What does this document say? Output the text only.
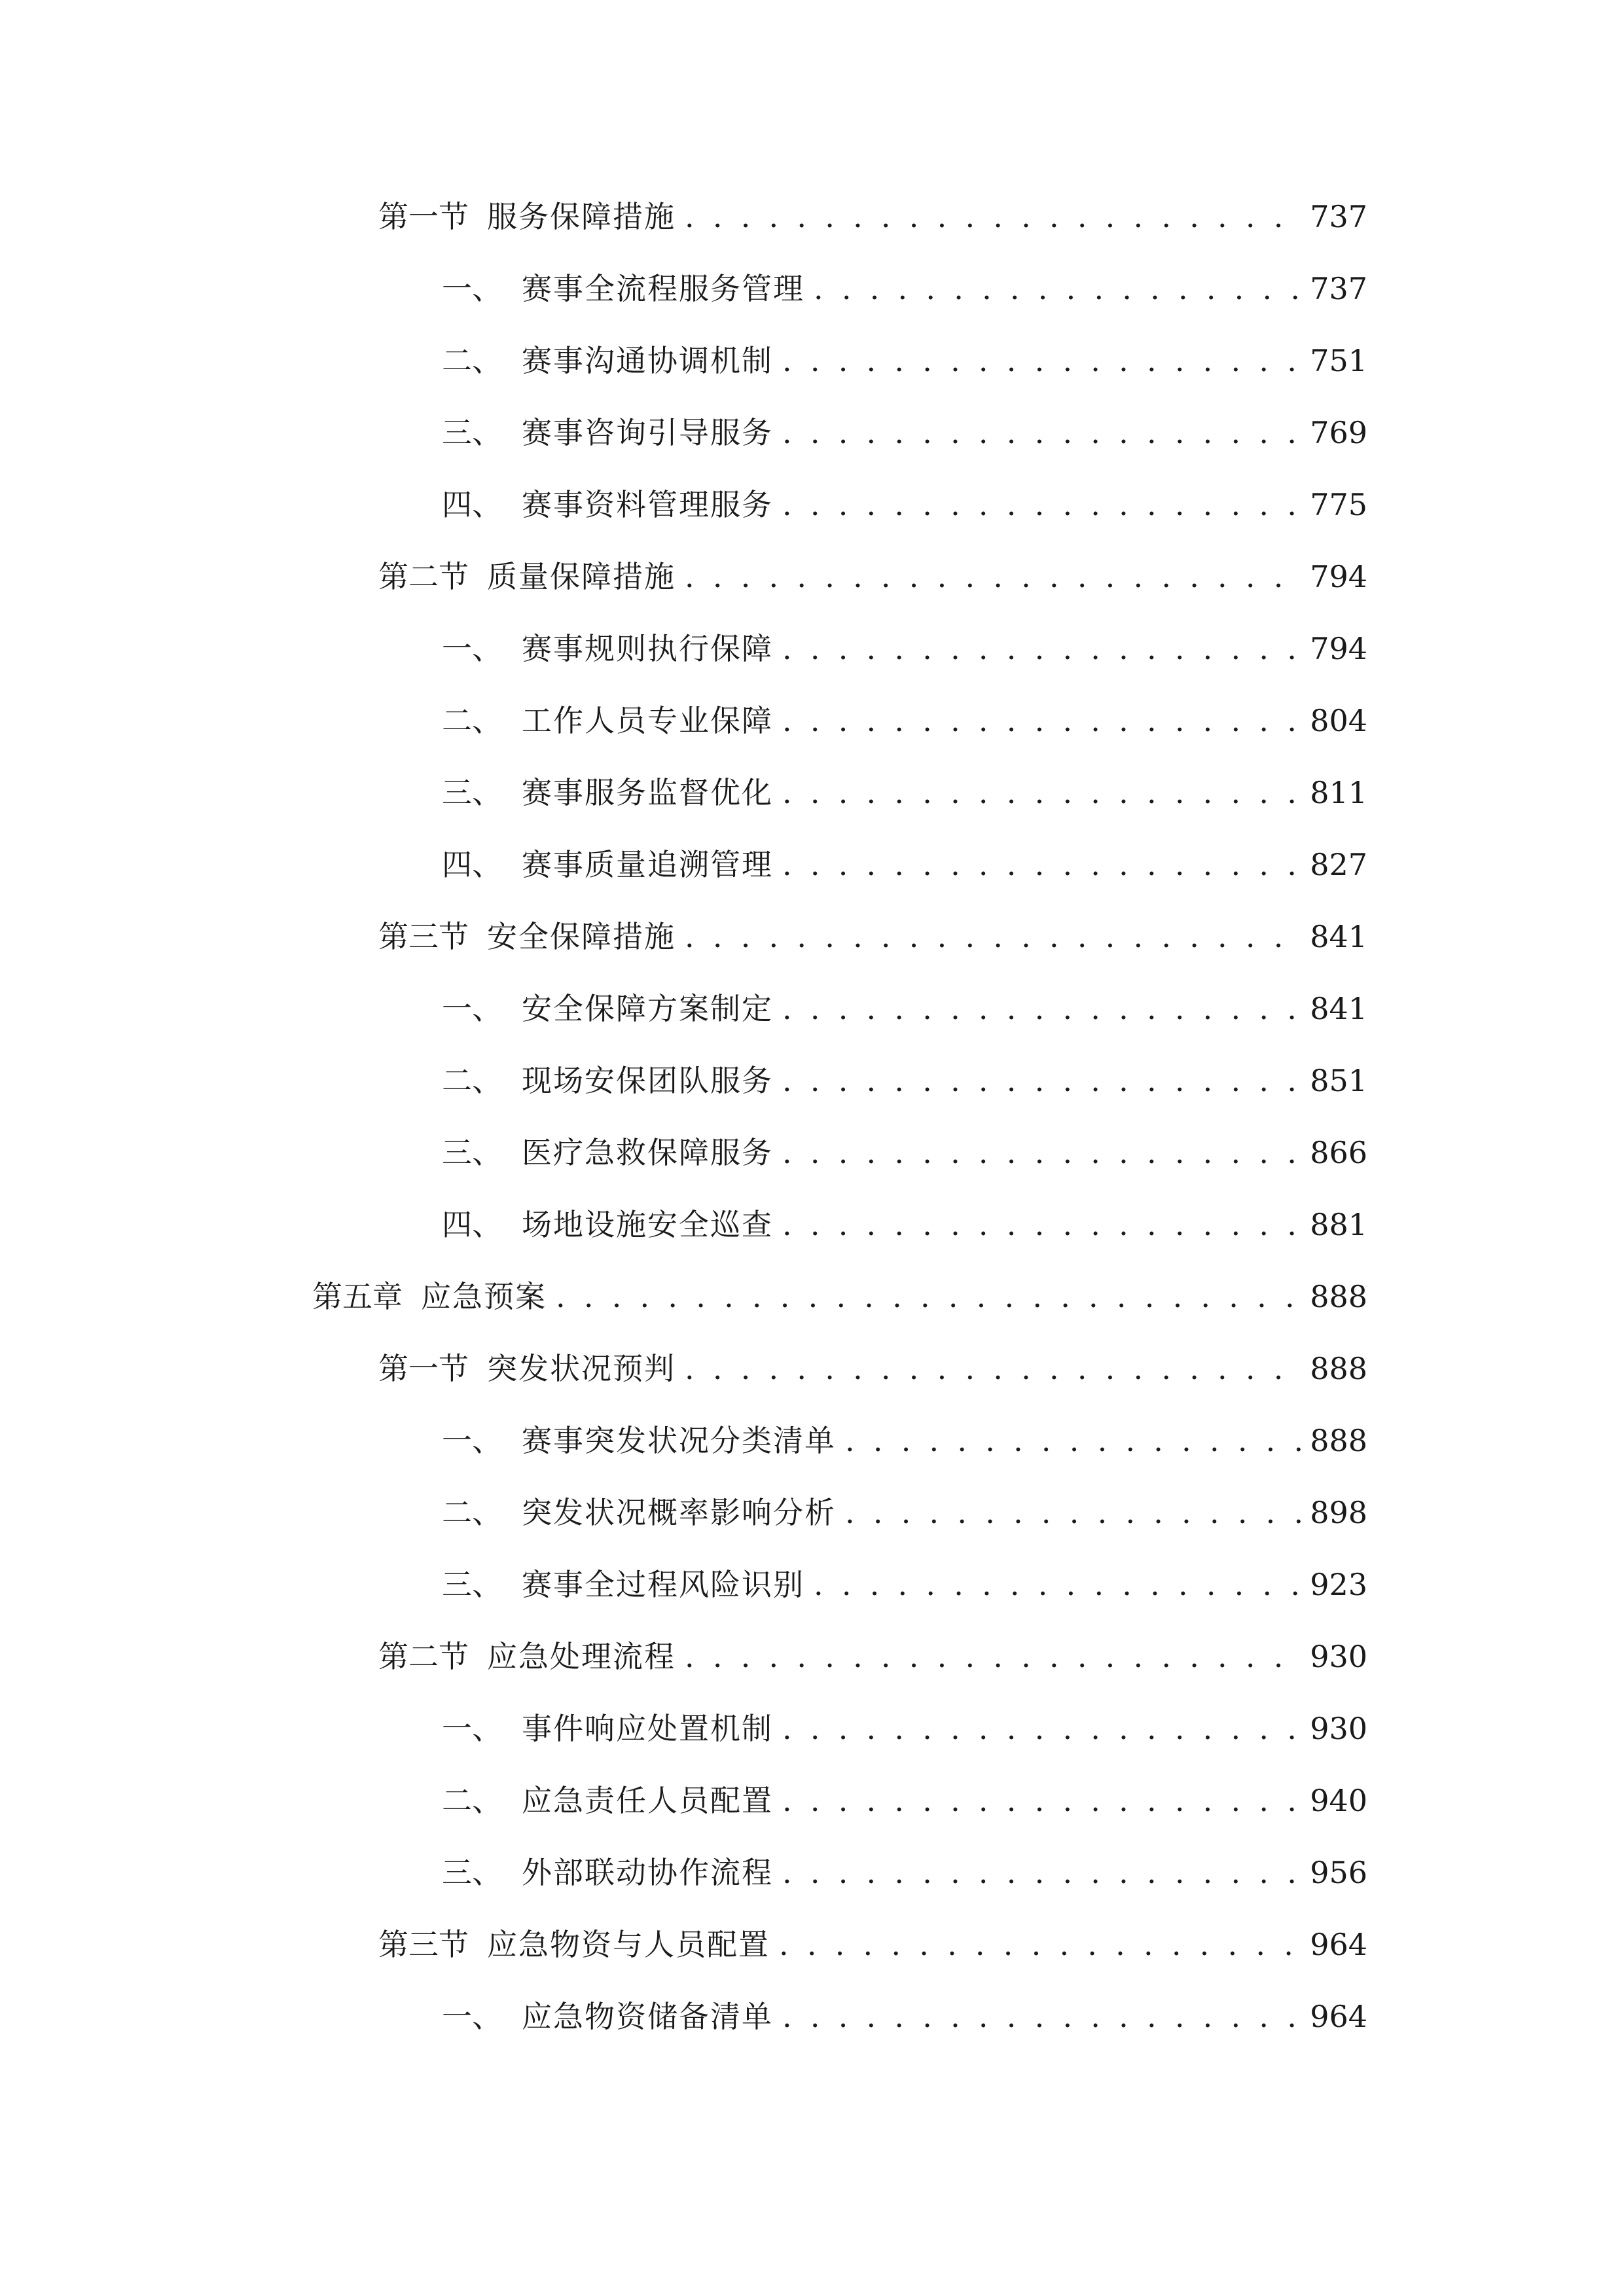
第一节 服务保障措施 . . .	737
一、 赛事全流程服务管理 . . .	737
二、 赛事沟通协调机制 . . .	751
三、 赛事咨询引导服务 . . .	769
四、 赛事资料管理服务 . . .	775
第二节 质量保障措施 . . .	794
一、 赛事规则执行保障 . . .	794
二、 工作人员专业保障 . . .	804
三、 赛事服务监督优化 . . .	811
四、 赛事质量追溯管理 . . .	827
第三节 安全保障措施 . . .	841
一、 安全保障方案制定 . . .	841
二、 现场安保团队服务 . . .	851
三、 医疗急救保障服务 . . .	866
四、 场地设施安全巡查 . . .	881
第五章 应急预案 . . .	888
第一节 突发状况预判 . . .	888
一、 赛事突发状况分类清单 . . .	888
二、 突发状况概率影响分析 . . .	898
三、 赛事全过程风险识别 . . .	923
第二节 应急处理流程 . . .	930
一、 事件响应处置机制 . . .	930
二、 应急责任人员配置 . . .	940
三、 外部联动协作流程 . . .	956
第三节 应急物资与人员配置 . . .	964
一、 应急物资储备清单 . . .	964
